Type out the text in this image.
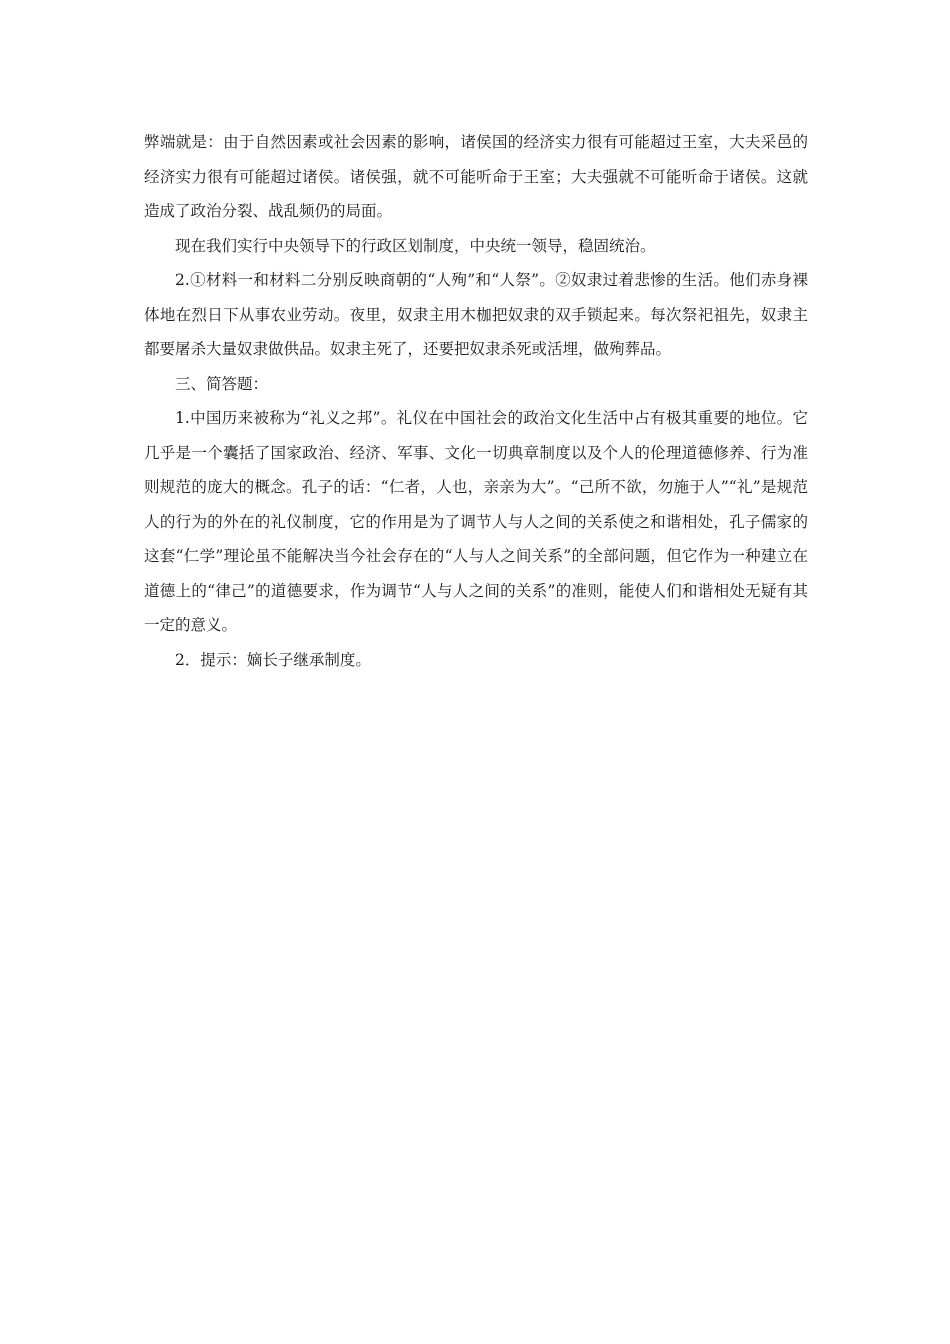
弊端就是：由于自然因素或社会因素的影响，诸侯国的经济实力很有可能超过王室，大夫采邑的经济实力很有可能超过诸侯。诸侯强，就不可能听命于王室；大夫强就不可能听命于诸侯。这就造成了政治分裂、战乱频仍的局面。

现在我们实行中央领导下的行政区划制度，中央统一领导，稳固统治。

2.①材料一和材料二分别反映商朝的“人殉”和“人祭”。②奴隶过着悲惨的生活。他们赤身裸体地在烈日下从事农业劳动。夜里，奴隶主用木枷把奴隶的双手锁起来。每次祭祀祖先，奴隶主都要屠杀大量奴隶做供品。奴隶主死了，还要把奴隶杀死或活埋，做殉葬品。

三、简答题：

1.中国历来被称为“礼义之邦”。礼仪在中国社会的政治文化生活中占有极其重要的地位。它几乎是一个囊括了国家政治、经济、军事、文化一切典章制度以及个人的伦理道德修养、行为准则规范的庞大的概念。孔子的话：“仁者，人也，亲亲为大”。“己所不欲，勿施于人”“礼”是规范人的行为的外在的礼仪制度，它的作用是为了调节人与人之间的关系使之和谐相处，孔子儒家的这套“仁学”理论虽不能解决当今社会存在的“人与人之间关系”的全部问题，但它作为一种建立在道德上的“律己”的道德要求，作为调节“人与人之间的关系”的准则，能使人们和谐相处无疑有其一定的意义。

2．提示：嫡长子继承制度。
